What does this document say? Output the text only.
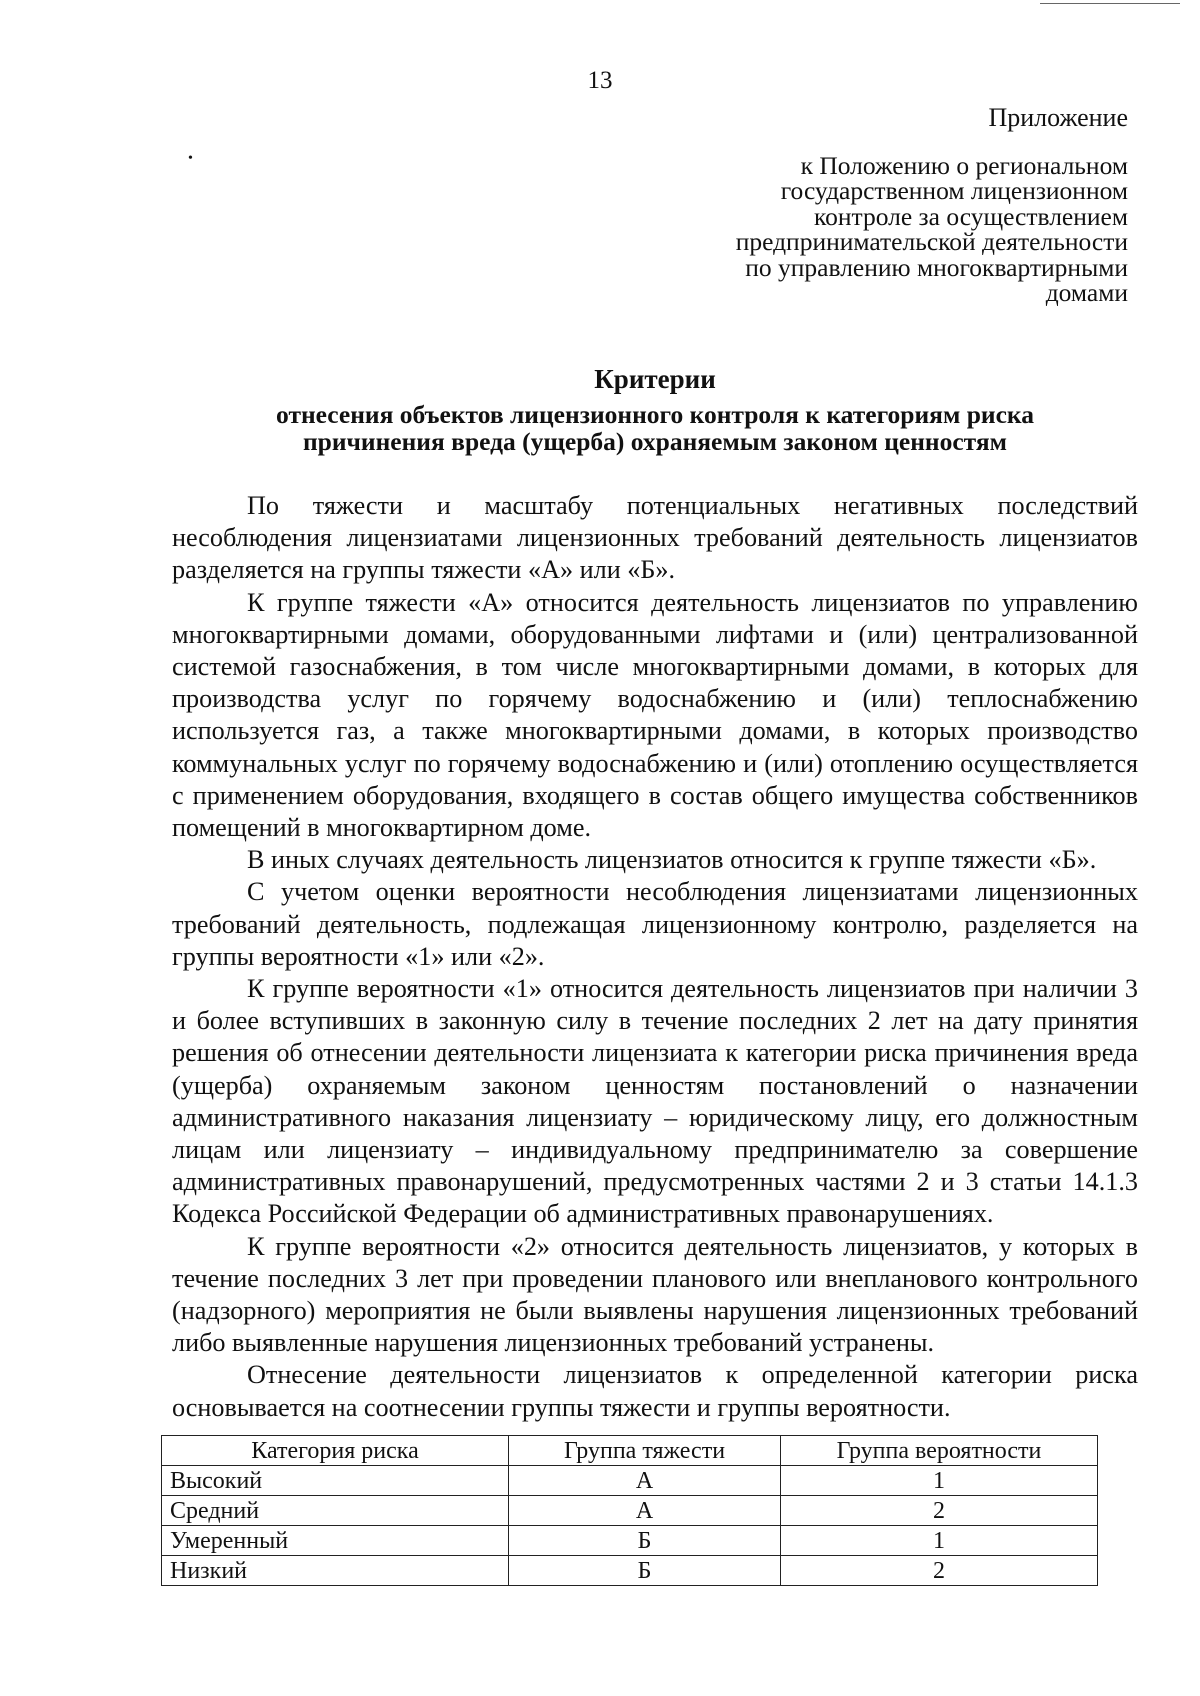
•
13
Приложение
к Положению о региональном
государственном лицензионном
контроле за осуществлением
предпринимательской деятельности
по управлению многоквартирными
домами
Критерии
отнесения объектов лицензионного контроля к категориям риска
причинения вреда (ущерба) охраняемым законом ценностям

По тяжести и масштабу потенциальных негативных последствий несоблюдения лицензиатами лицензионных требований деятельность лицензиатов разделяется на группы тяжести «А» или «Б».

К группе тяжести «А» относится деятельность лицензиатов по управлению многоквартирными домами, оборудованными лифтами и (или) централизованной системой газоснабжения, в том числе многоквартирными домами, в которых для производства услуг по горячему водоснабжению и (или) теплоснабжению используется газ, а также многоквартирными домами, в которых производство коммунальных услуг по горячему водоснабжению и (или) отоплению осуществляется с применением оборудования, входящего в состав общего имущества собственников помещений в многоквартирном доме.

В иных случаях деятельность лицензиатов относится к группе тяжести «Б».

С учетом оценки вероятности несоблюдения лицензиатами лицензионных требований деятельность, подлежащая лицензионному контролю, разделяется на группы вероятности «1» или «2».

К группе вероятности «1» относится деятельность лицензиатов при наличии 3 и более вступивших в законную силу в течение последних 2 лет на дату принятия решения об отнесении деятельности лицензиата к категории риска причинения вреда (ущерба) охраняемым законом ценностям постановлений о назначении административного наказания лицензиату – юридическому лицу, его должностным лицам или лицензиату – индивидуальному предпринимателю за совершение административных правонарушений, предусмотренных частями 2 и 3 статьи 14.1.3 Кодекса Российской Федерации об административных правонарушениях.

К группе вероятности «2» относится деятельность лицензиатов, у которых в течение последних 3 лет при проведении планового или внепланового контрольного (надзорного) мероприятия не были выявлены нарушения лицензионных требований либо выявленные нарушения лицензионных требований устранены.

Отнесение деятельности лицензиатов к определенной категории риска основывается на соотнесении группы тяжести и группы вероятности.

Категория риска	Группа тяжести	Группа вероятности
Высокий	А	1
Средний	А	2
Умеренный	Б	1
Низкий	Б	2
